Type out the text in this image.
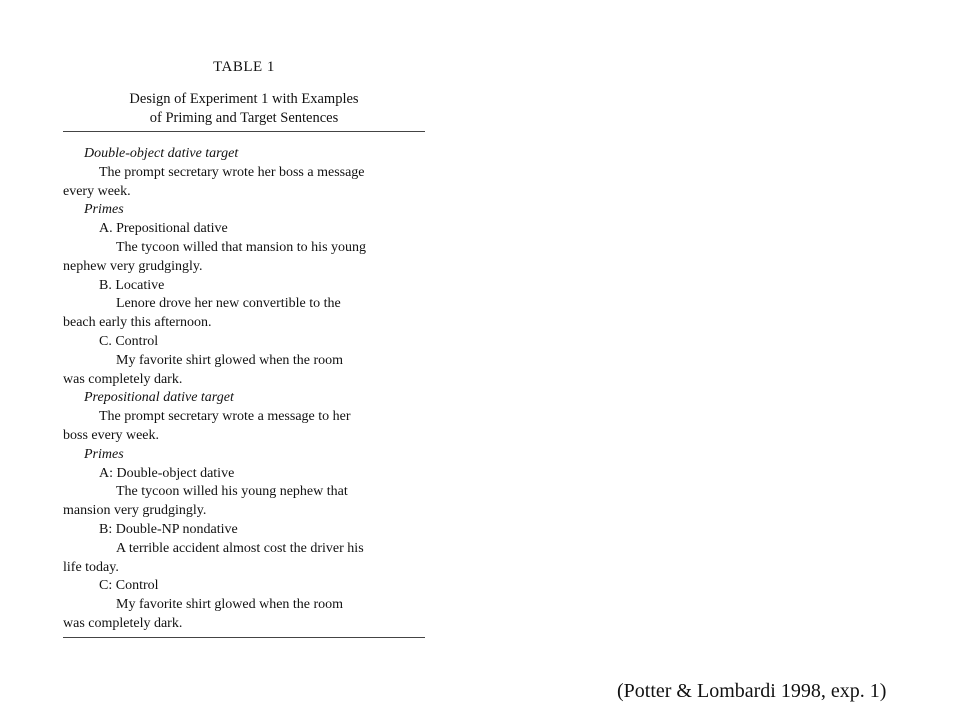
TABLE 1
Design of Experiment 1 with Examples
of Priming and Target Sentences
Double-object dative target
The prompt secretary wrote her boss a message
every week.
Primes
A. Prepositional dative
The tycoon willed that mansion to his young
nephew very grudgingly.
B. Locative
Lenore drove her new convertible to the
beach early this afternoon.
C. Control
My favorite shirt glowed when the room
was completely dark.
Prepositional dative target
The prompt secretary wrote a message to her
boss every week.
Primes
A: Double-object dative
The tycoon willed his young nephew that
mansion very grudgingly.
B: Double-NP nondative
A terrible accident almost cost the driver his
life today.
C: Control
My favorite shirt glowed when the room
was completely dark.
(Potter & Lombardi 1998, exp. 1)
